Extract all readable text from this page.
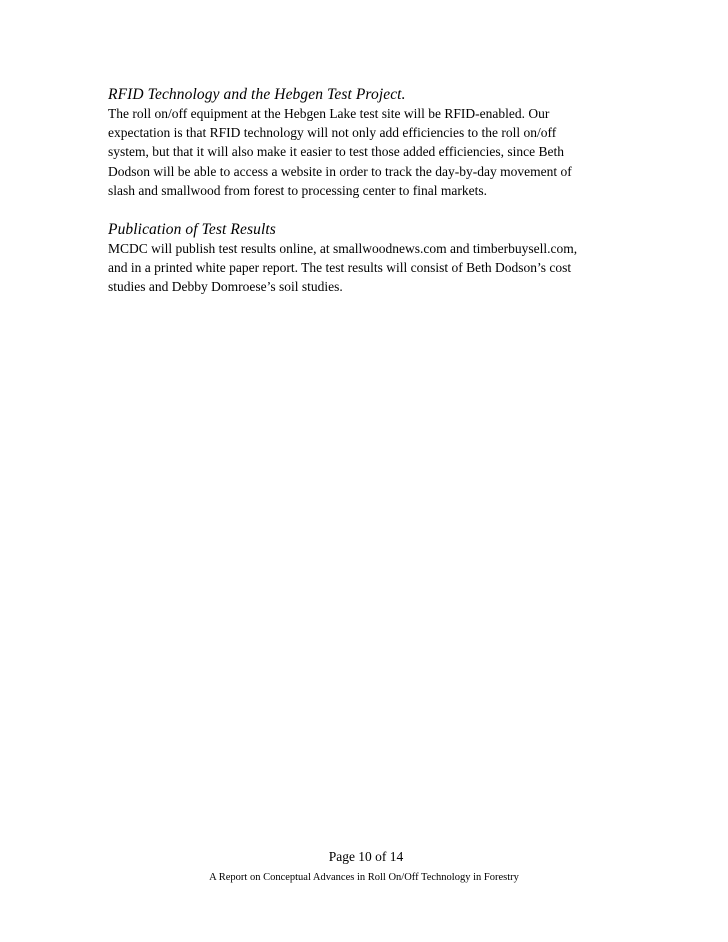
RFID Technology and the Hebgen Test Project.

The roll on/off equipment at the Hebgen Lake test site will be RFID-enabled. Our
expectation is that RFID technology will not only add efficiencies to the roll on/off
system, but that it will also make it easier to test those added efficiencies, since Beth
Dodson will be able to access a website in order to track the day-by-day movement of
slash and smallwood from forest to processing center to final markets.

Publication of Test Results

MCDC will publish test results online, at smallwoodnews.com and timberbuysell.com,
and in a printed white paper report. The test results will consist of Beth Dodson’s cost
studies and Debby Domroese’s soil studies.

Page 10 of 14
A Report on Conceptual Advances in Roll On/Off Technology in Forestry
